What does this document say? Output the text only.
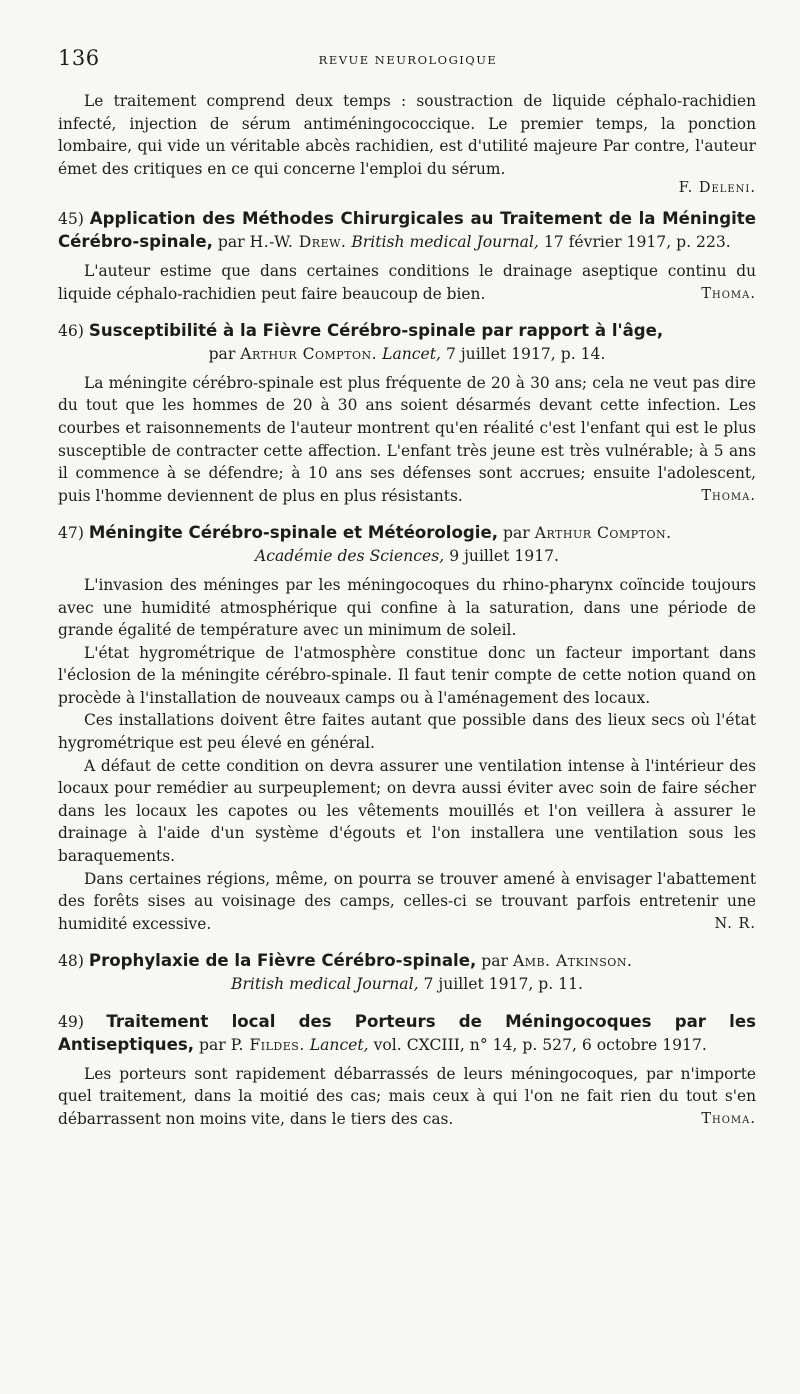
136	REVUE NEUROLOGIQUE

Le traitement comprend deux temps : soustraction de liquide céphalo-rachidien infecté, injection de sérum antiméningococcique. Le premier temps, la ponction lombaire, qui vide un véritable abcès rachidien, est d'utilité majeure Par contre, l'auteur émet des critiques en ce qui concerne l'emploi du sérum.

F. Deleni.

45) Application des Méthodes Chirurgicales au Traitement de la Méningite Cérébro-spinale, par H.-W. Drew. British medical Journal, 17 février 1917, p. 223.

L'auteur estime que dans certaines conditions le drainage aseptique continu du liquide céphalo-rachidien peut faire beaucoup de bien.	Thoma.

46) Susceptibilité à la Fièvre Cérébro-spinale par rapport à l'âge,
par Arthur Compton. Lancet, 7 juillet 1917, p. 14.

La méningite cérébro-spinale est plus fréquente de 20 à 30 ans; cela ne veut pas dire du tout que les hommes de 20 à 30 ans soient désarmés devant cette infection. Les courbes et raisonnements de l'auteur montrent qu'en réalité c'est l'enfant qui est le plus susceptible de contracter cette affection. L'enfant très jeune est très vulnérable; à 5 ans il commence à se défendre; à 10 ans ses défenses sont accrues; ensuite l'adolescent, puis l'homme deviennent de plus en plus résistants.	Thoma.

47) Méningite Cérébro-spinale et Météorologie, par Arthur Compton.
Académie des Sciences, 9 juillet 1917.

L'invasion des méninges par les méningocoques du rhino-pharynx coïncide toujours avec une humidité atmosphérique qui confine à la saturation, dans une période de grande égalité de température avec un minimum de soleil.

L'état hygrométrique de l'atmosphère constitue donc un facteur important dans l'éclosion de la méningite cérébro-spinale. Il faut tenir compte de cette notion quand on procède à l'installation de nouveaux camps ou à l'aménagement des locaux.

Ces installations doivent être faites autant que possible dans des lieux secs où l'état hygrométrique est peu élevé en général.

A défaut de cette condition on devra assurer une ventilation intense à l'intérieur des locaux pour remédier au surpeuplement; on devra aussi éviter avec soin de faire sécher dans les locaux les capotes ou les vêtements mouillés et l'on veillera à assurer le drainage à l'aide d'un système d'égouts et l'on installera une ventilation sous les baraquements.

Dans certaines régions, même, on pourra se trouver amené à envisager l'abattement des forêts sises au voisinage des camps, celles-ci se trouvant parfois entretenir une humidité excessive.	N. R.

48) Prophylaxie de la Fièvre Cérébro-spinale, par Amb. Atkinson.
British medical Journal, 7 juillet 1917, p. 11.

49) Traitement local des Porteurs de Méningocoques par les Antiseptiques, par P. Fildes. Lancet, vol. CXCIII, n° 14, p. 527, 6 octobre 1917.

Les porteurs sont rapidement débarrassés de leurs méningocoques, par n'importe quel traitement, dans la moitié des cas; mais ceux à qui l'on ne fait rien du tout s'en débarrassent non moins vite, dans le tiers des cas.	Thoma.
